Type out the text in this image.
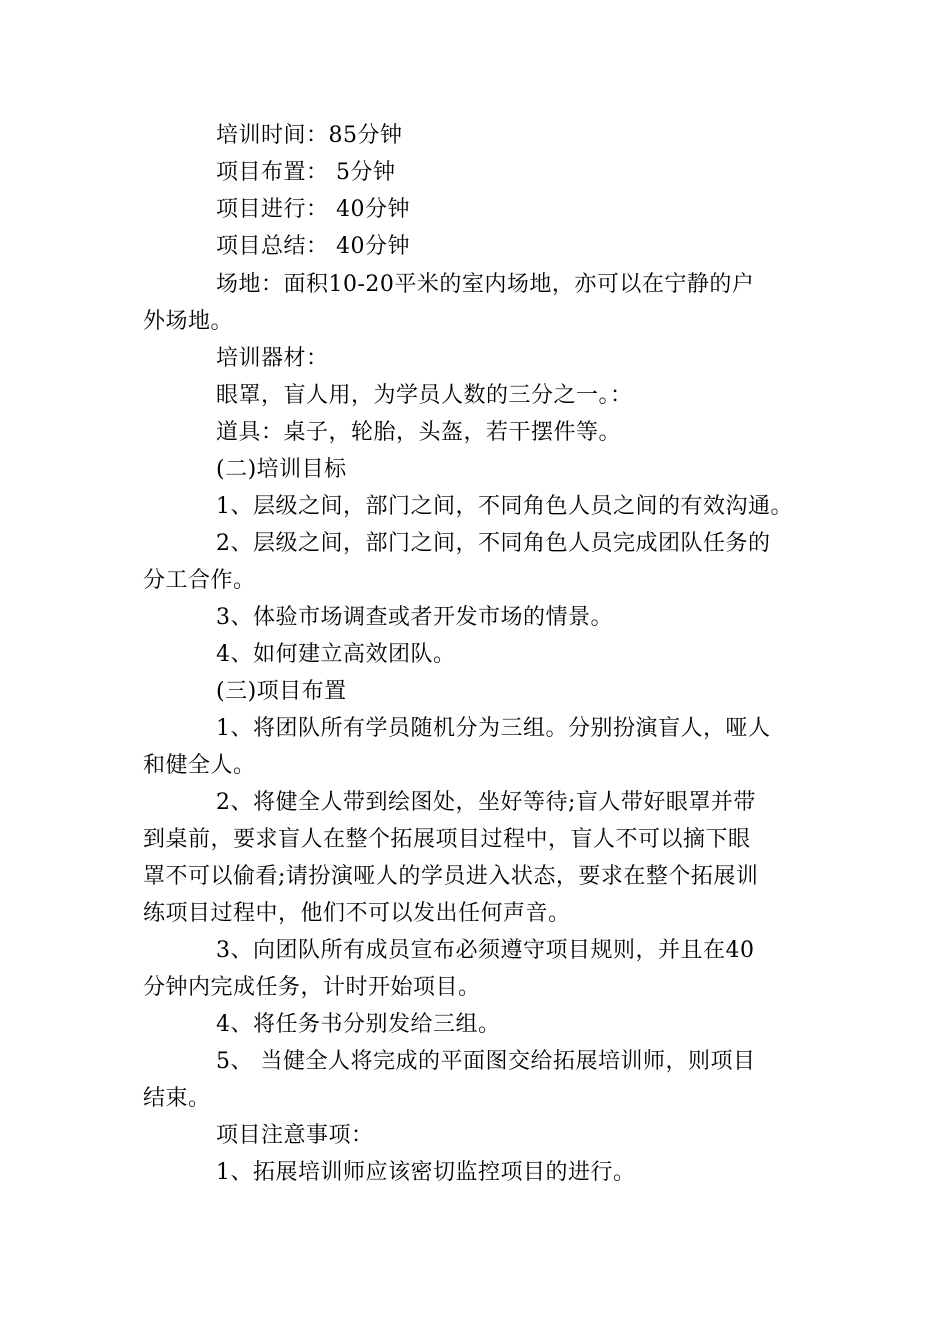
培训时间：85分钟
项目布置： 5分钟
项目进行： 40分钟
项目总结： 40分钟
场地：面积10-20平米的室内场地，亦可以在宁静的户
外场地。
培训器材：
眼罩，盲人用，为学员人数的三分之一。：
道具：桌子，轮胎，头盔，若干摆件等。
(二)培训目标
1、层级之间，部门之间，不同角色人员之间的有效沟通。
2、层级之间，部门之间，不同角色人员完成团队任务的
分工合作。
3、体验市场调查或者开发市场的情景。
4、如何建立高效团队。
(三)项目布置
1、将团队所有学员随机分为三组。分别扮演盲人，哑人
和健全人。
2、将健全人带到绘图处，坐好等待;盲人带好眼罩并带
到桌前，要求盲人在整个拓展项目过程中，盲人不可以摘下眼
罩不可以偷看;请扮演哑人的学员进入状态，要求在整个拓展训
练项目过程中，他们不可以发出任何声音。
3、向团队所有成员宣布必须遵守项目规则，并且在40
分钟内完成任务，计时开始项目。
4、将任务书分别发给三组。
5、 当健全人将完成的平面图交给拓展培训师，则项目
结束。
项目注意事项：
1、拓展培训师应该密切监控项目的进行。
